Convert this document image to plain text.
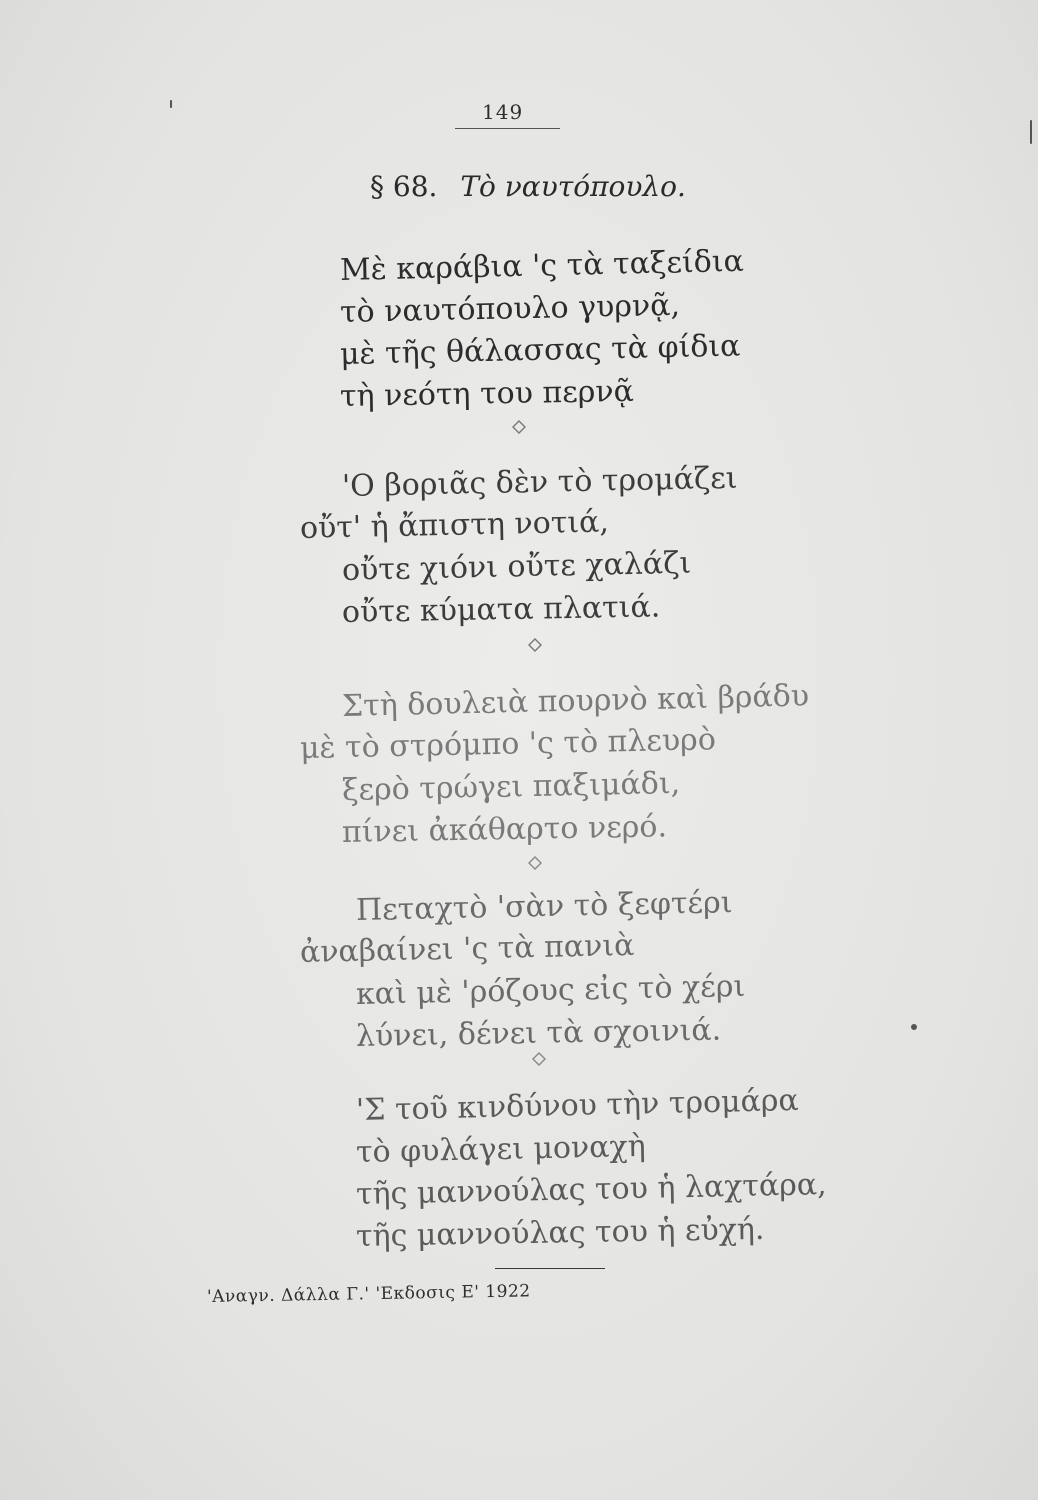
149
§ 68. Τὸ ναυτόπουλο.
Μὲ καράβια 'ς τὰ ταξείδια
τὸ ναυτόπουλο γυρνᾷ,
μὲ τῆς θάλασσας τὰ φίδια
τὴ νεότη του περνᾷ
'Ο βοριᾶς δὲν τὸ τρομάζει
οὔτ' ἡ ἄπιστη νοτιά,
οὔτε χιόνι οὔτε χαλάζι
οὔτε κύματα πλατιά.
Στὴ δουλειὰ πουρνὸ καὶ βράδυ
μὲ τὸ στρόμπο 'ς τὸ πλευρὸ
ξερὸ τρώγει παξιμάδι,
πίνει ἀκάθαρτο νερό.
Πεταχτὸ 'σὰν τὸ ξεφτέρι
ἀναβαίνει 'ς τὰ πανιὰ
καὶ μὲ 'ρόζους εἰς τὸ χέρι
λύνει, δένει τὰ σχοινιά.
'Σ τοῦ κινδύνου τὴν τρομάρα
τὸ φυλάγει μοναχὴ
τῆς μαννούλας του ἡ λαχτάρα,
τῆς μαννούλας του ἡ εὐχή.
'Αναγν. Δάλλα Γ.' 'Εκδοσις Ε' 1922
